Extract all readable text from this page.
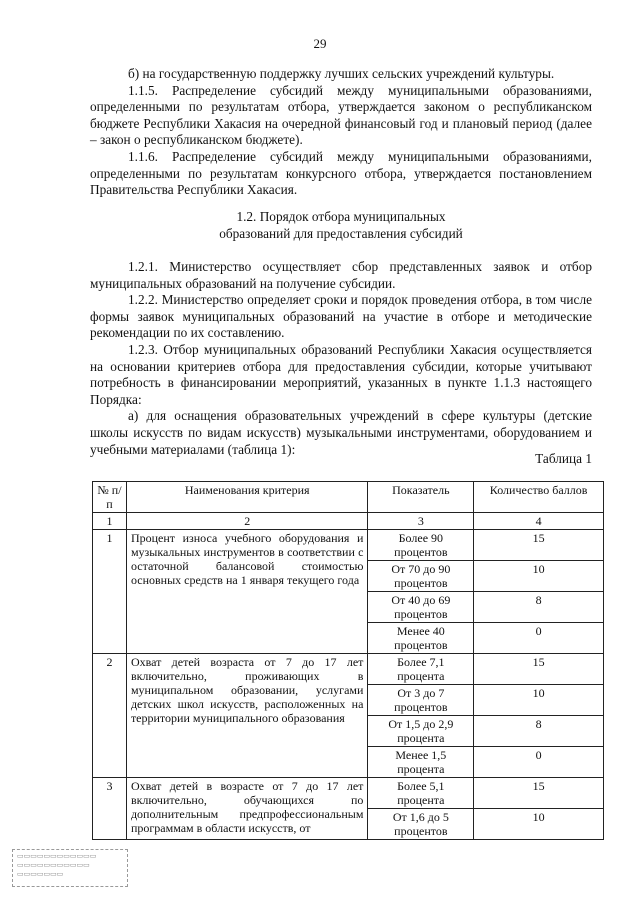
29

б) на государственную поддержку лучших сельских учреждений культуры.

1.1.5. Распределение субсидий между муниципальными образованиями, определенными по результатам отбора, утверждается законом о республиканском бюджете Республики Хакасия на очередной финансовый год и плановый период (далее – закон о республиканском бюджете).

1.1.6. Распределение субсидий между муниципальными образованиями, определенными по результатам конкурсного отбора, утверждается постановлением Правительства Республики Хакасия.

1.2. Порядок отбора муниципальных
образований для предоставления субсидий

1.2.1. Министерство осуществляет сбор представленных заявок и отбор муниципальных образований на получение субсидии.

1.2.2. Министерство определяет сроки и порядок проведения отбора, в том числе формы заявок муниципальных образований на участие в отборе и методические рекомендации по их составлению.

1.2.3. Отбор муниципальных образований Республики Хакасия осуществляется на основании критериев отбора для предоставления субсидии, которые учитывают потребность в финансировании мероприятий, указанных в пункте 1.1.3 настоящего Порядка:

а) для оснащения образовательных учреждений в сфере культуры (детские школы искусств по видам искусств) музыкальными инструментами, оборудованием и учебными материалами (таблица 1):

Таблица 1
№ п/п	Наименования критерия	Показатель	Количество баллов
1	2	3	4
1	Процент износа учебного оборудования и музыкальных инструментов в соответствии с остаточной балансовой стоимостью основных средств на 1 января текущего года	Более 90 процентов	15
		От 70 до 90 процентов	10
		От 40 до 69 процентов	8
		Менее 40 процентов	0
2	Охват детей возраста от 7 до 17 лет включительно, проживающих в муниципальном образовании, услугами детских школ искусств, расположенных на территории муниципального образования	Более 7,1 процента	15
		От 3 до 7 процентов	10
		От 1,5 до 2,9 процента	8
		Менее 1,5 процента	0
3	Охват детей в возрасте от 7 до 17 лет включительно, обучающихся по дополнительным предпрофессиональным программам в области искусств, от	Более 5,1 процента	15
		От 1,6 до 5 процентов	10
▭▭▭▭▭▭▭▭▭▭▭▭
▭▭▭▭▭▭▭▭▭▭▭
▭▭▭▭▭▭▭
